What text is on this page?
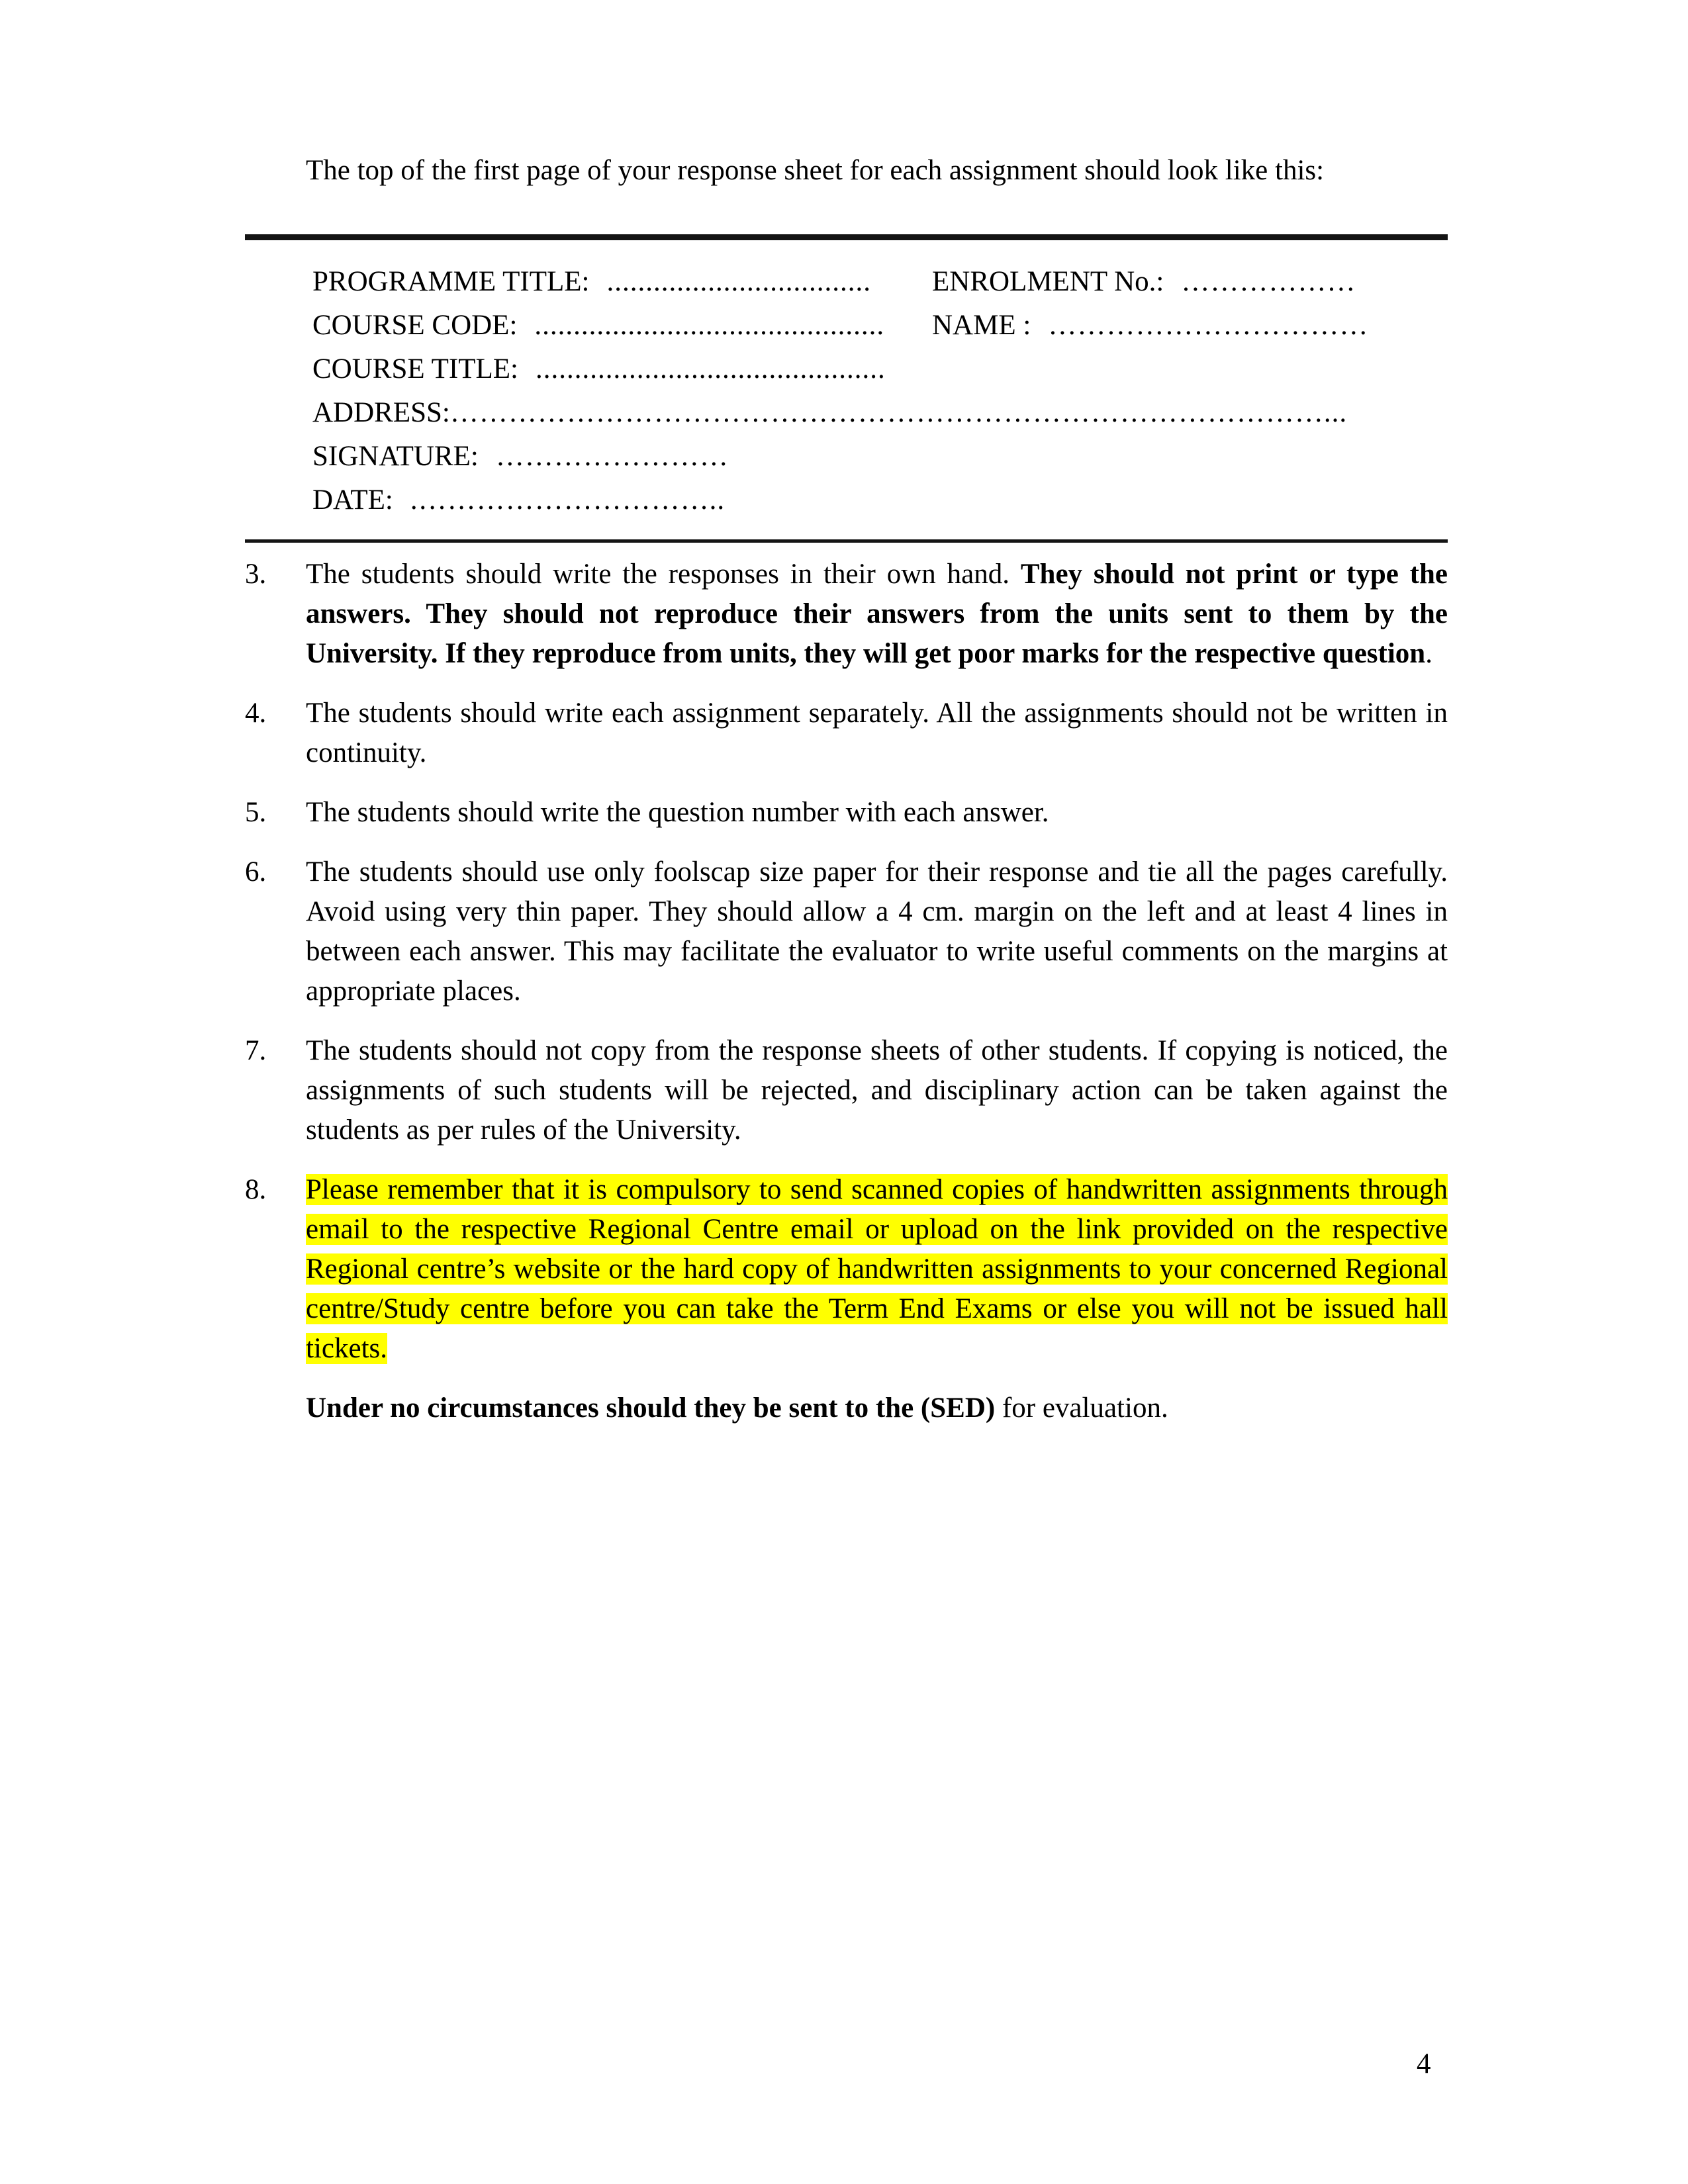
The top of the first page of your response sheet for each assignment should look like this:

PROGRAMME TITLE: ..................................	ENROLMENT No.: ………………
COURSE CODE: .............................................	NAME : ……………………………
COURSE TITLE: .............................................
ADDRESS:………………………………………………………………………………...
SIGNATURE: ……………………
DATE: .…………………………..
3.	The students should write the responses in their own hand. They should not print or type the answers. They should not reproduce their answers from the units sent to them by the University. If they reproduce from units, they will get poor marks for the respective question.
4.	The students should write each assignment separately. All the assignments should not be written in continuity.
5.	The students should write the question number with each answer.
6.	The students should use only foolscap size paper for their response and tie all the pages carefully. Avoid using very thin paper. They should allow a 4 cm. margin on the left and at least 4 lines in between each answer. This may facilitate the evaluator to write useful comments on the margins at appropriate places.
7.	The students should not copy from the response sheets of other students. If copying is noticed, the assignments of such students will be rejected, and disciplinary action can be taken against the students as per rules of the University.
8.	Please remember that it is compulsory to send scanned copies of handwritten assignments through email to the respective Regional Centre email or upload on the link provided on the respective Regional centre’s website or the hard copy of handwritten assignments to your concerned Regional centre/Study centre before you can take the Term End Exams or else you will not be issued hall tickets.

Under no circumstances should they be sent to the (SED) for evaluation.

4
